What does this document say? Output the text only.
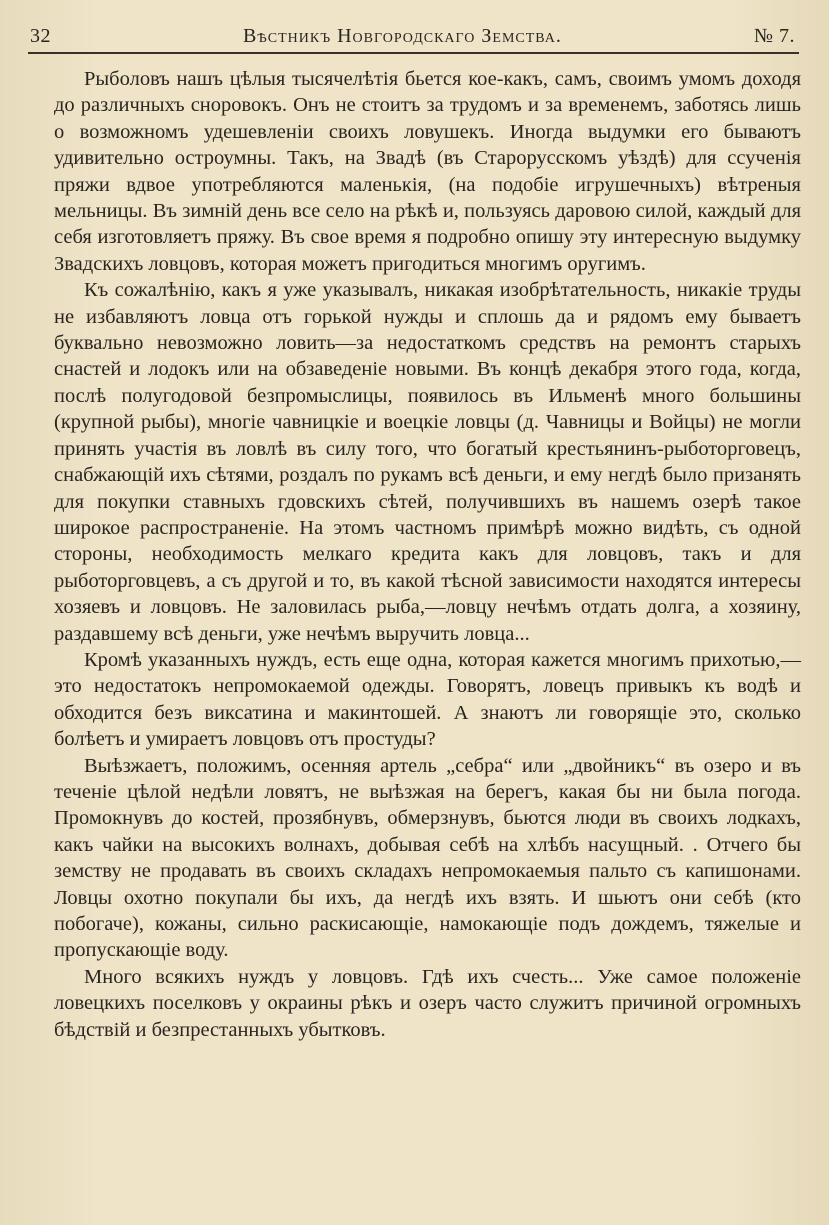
32	Вѣстникъ Новгородскаго Земства.	№ 7.

Рыболовъ нашъ цѣлыя тысячелѣтія бьется кое-какъ, самъ, своимъ умомъ доходя до различныхъ сноровокъ. Онъ не стоитъ за трудомъ и за временемъ, заботясь лишь о возможномъ удешевленіи своихъ ловушекъ. Иногда выдумки его бываютъ удивительно остроумны. Такъ, на Звадѣ (въ Старорусскомъ уѣздѣ) для ссученія пряжи вдвое употребляются маленькія, (на подобіе игрушечныхъ) вѣтреныя мельницы. Въ зимній день все село на рѣкѣ и, пользуясь даровою силой, каждый для себя изготовляетъ пряжу. Въ свое время я подробно опишу эту интересную выдумку Звадскихъ ловцовъ, которая можетъ пригодиться многимъ оругимъ.

Къ сожалѣнію, какъ я уже указывалъ, никакая изобрѣтательность, никакіе труды не избавляютъ ловца отъ горькой нужды и сплошь да и рядомъ ему бываетъ буквально невозможно ловить—за недостаткомъ средствъ на ремонтъ старыхъ снастей и лодокъ или на обзаведеніе новыми. Въ концѣ декабря этого года, когда, послѣ полугодовой безпромыслицы, появилось въ Ильменѣ много большины (крупной рыбы), многіе чавницкіе и воецкіе ловцы (д. Чавницы и Войцы) не могли принять участія въ ловлѣ въ силу того, что богатый крестьянинъ-рыботорговецъ, снабжающій ихъ сѣтями, роздалъ по рукамъ всѣ деньги, и ему негдѣ было призанять для покупки ставныхъ гдовскихъ сѣтей, получившихъ въ нашемъ озерѣ такое широкое распространеніе. На этомъ частномъ примѣрѣ можно видѣть, съ одной стороны, необходимость мелкаго кредита какъ для ловцовъ, такъ и для рыботорговцевъ, а съ другой и то, въ какой тѣсной зависимости находятся интересы хозяевъ и ловцовъ. Не заловилась рыба,—ловцу нечѣмъ отдать долга, а хозяину, раздавшему всѣ деньги, уже нечѣмъ выручить ловца...

Кромѣ указанныхъ нуждъ, есть еще одна, которая кажется многимъ прихотью,—это недостатокъ непромокаемой одежды. Говорятъ, ловецъ привыкъ къ водѣ и обходится безъ виксатина и макинтошей. А знаютъ ли говорящіе это, сколько болѣетъ и умираетъ ловцовъ отъ простуды?

Выѣзжаетъ, положимъ, осенняя артель „себра“ или „двойникъ“ въ озеро и въ теченіе цѣлой недѣли ловятъ, не выѣзжая на берегъ, какая бы ни была погода. Промокнувъ до костей, прозябнувъ, обмерзнувъ, бьются люди въ своихъ лодкахъ, какъ чайки на высокихъ волнахъ, добывая себѣ на хлѣбъ насущный. . Отчего бы земству не продавать въ своихъ складахъ непромокаемыя пальто съ капишонами. Ловцы охотно покупали бы ихъ, да негдѣ ихъ взять. И шьютъ они себѣ (кто побогаче), кожаны, сильно раскисающіе, намокающіе подъ дождемъ, тяжелые и пропускающіе воду.

Много всякихъ нуждъ у ловцовъ. Гдѣ ихъ счесть... Уже самое положеніе ловецкихъ поселковъ у окраины рѣкъ и озеръ часто служитъ причиной огромныхъ бѣдствій и безпрестанныхъ убытковъ.
